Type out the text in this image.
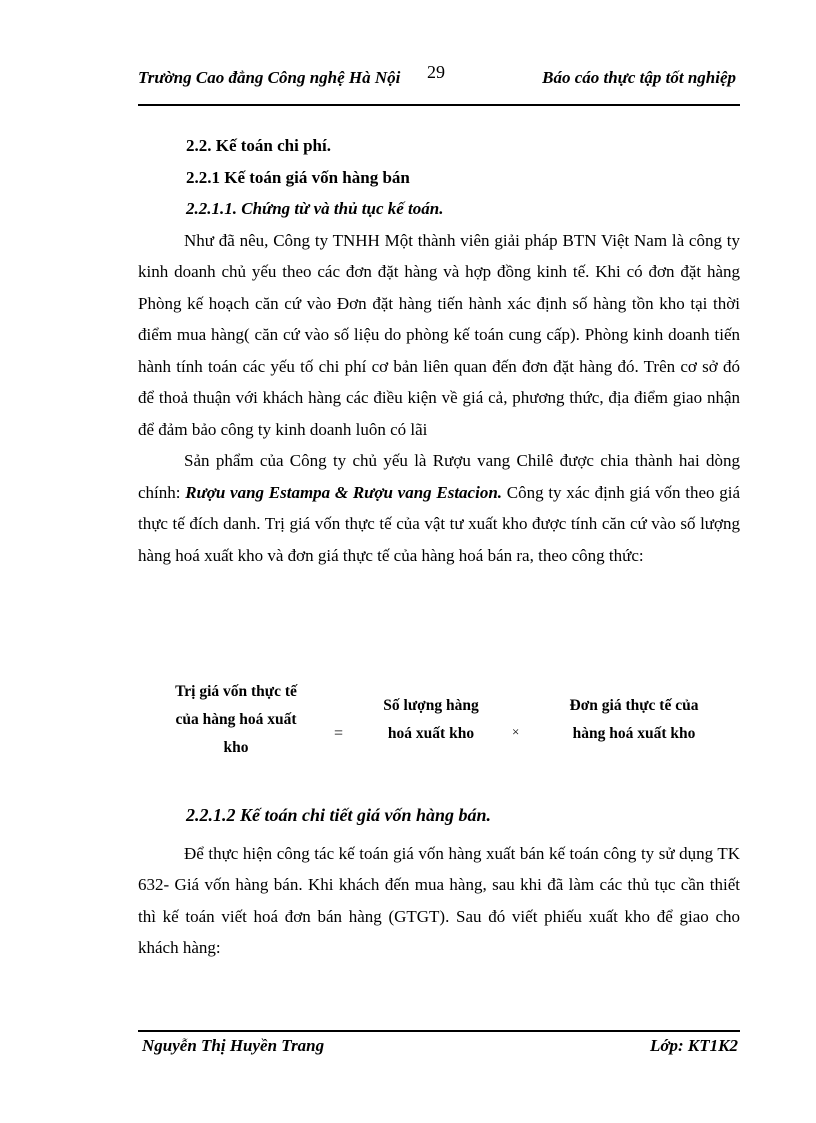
Trường Cao đẳng Công nghệ Hà Nội 29	Báo cáo thực tập tốt nghiệp

2.2. Kế toán chi phí.

2.2.1 Kế toán giá vốn hàng bán

2.2.1.1. Chứng từ và thủ tục kế toán.

Như đã nêu, Công ty TNHH Một thành viên giải pháp BTN Việt Nam là công ty kinh doanh chủ yếu theo các đơn đặt hàng và hợp đồng kinh tế. Khi có đơn đặt hàng Phòng kế hoạch căn cứ vào Đơn đặt hàng tiến hành xác định số hàng tồn kho tại thời điểm mua hàng( căn cứ vào số liệu do phòng kế toán cung cấp). Phòng kinh doanh tiến hành tính toán các yếu tố chi phí cơ bản liên quan đến đơn đặt hàng đó. Trên cơ sở đó để thoả thuận với khách hàng các điều kiện về giá cả, phương thức, địa điểm giao nhận để đảm bảo công ty kinh doanh luôn có lãi

Sản phẩm của Công ty chủ yếu là Rượu vang Chilê được chia thành hai dòng chính: Rượu vang Estampa & Rượu vang Estacion. Công ty xác định giá vốn theo giá thực tế đích danh. Trị giá vốn thực tế của vật tư xuất kho được tính căn cứ vào số lượng hàng hoá xuất kho và đơn giá thực tế của hàng hoá bán ra, theo công thức:

Trị giá vốn thực tế
của hàng hoá xuất
kho
=
Số lượng hàng
hoá xuất kho	×
Đơn giá thực tế của
hàng hoá xuất kho

2.2.1.2 Kế toán chi tiết giá vốn hàng bán.

Để thực hiện công tác kế toán giá vốn hàng xuất bán kế toán công ty sử dụng TK 632- Giá vốn hàng bán. Khi khách đến mua hàng, sau khi đã làm các thủ tục cần thiết thì kế toán viết hoá đơn bán hàng (GTGT). Sau đó viết phiếu xuất kho để giao cho khách hàng:

Nguyễn Thị Huyền Trang	Lớp: KT1K2
